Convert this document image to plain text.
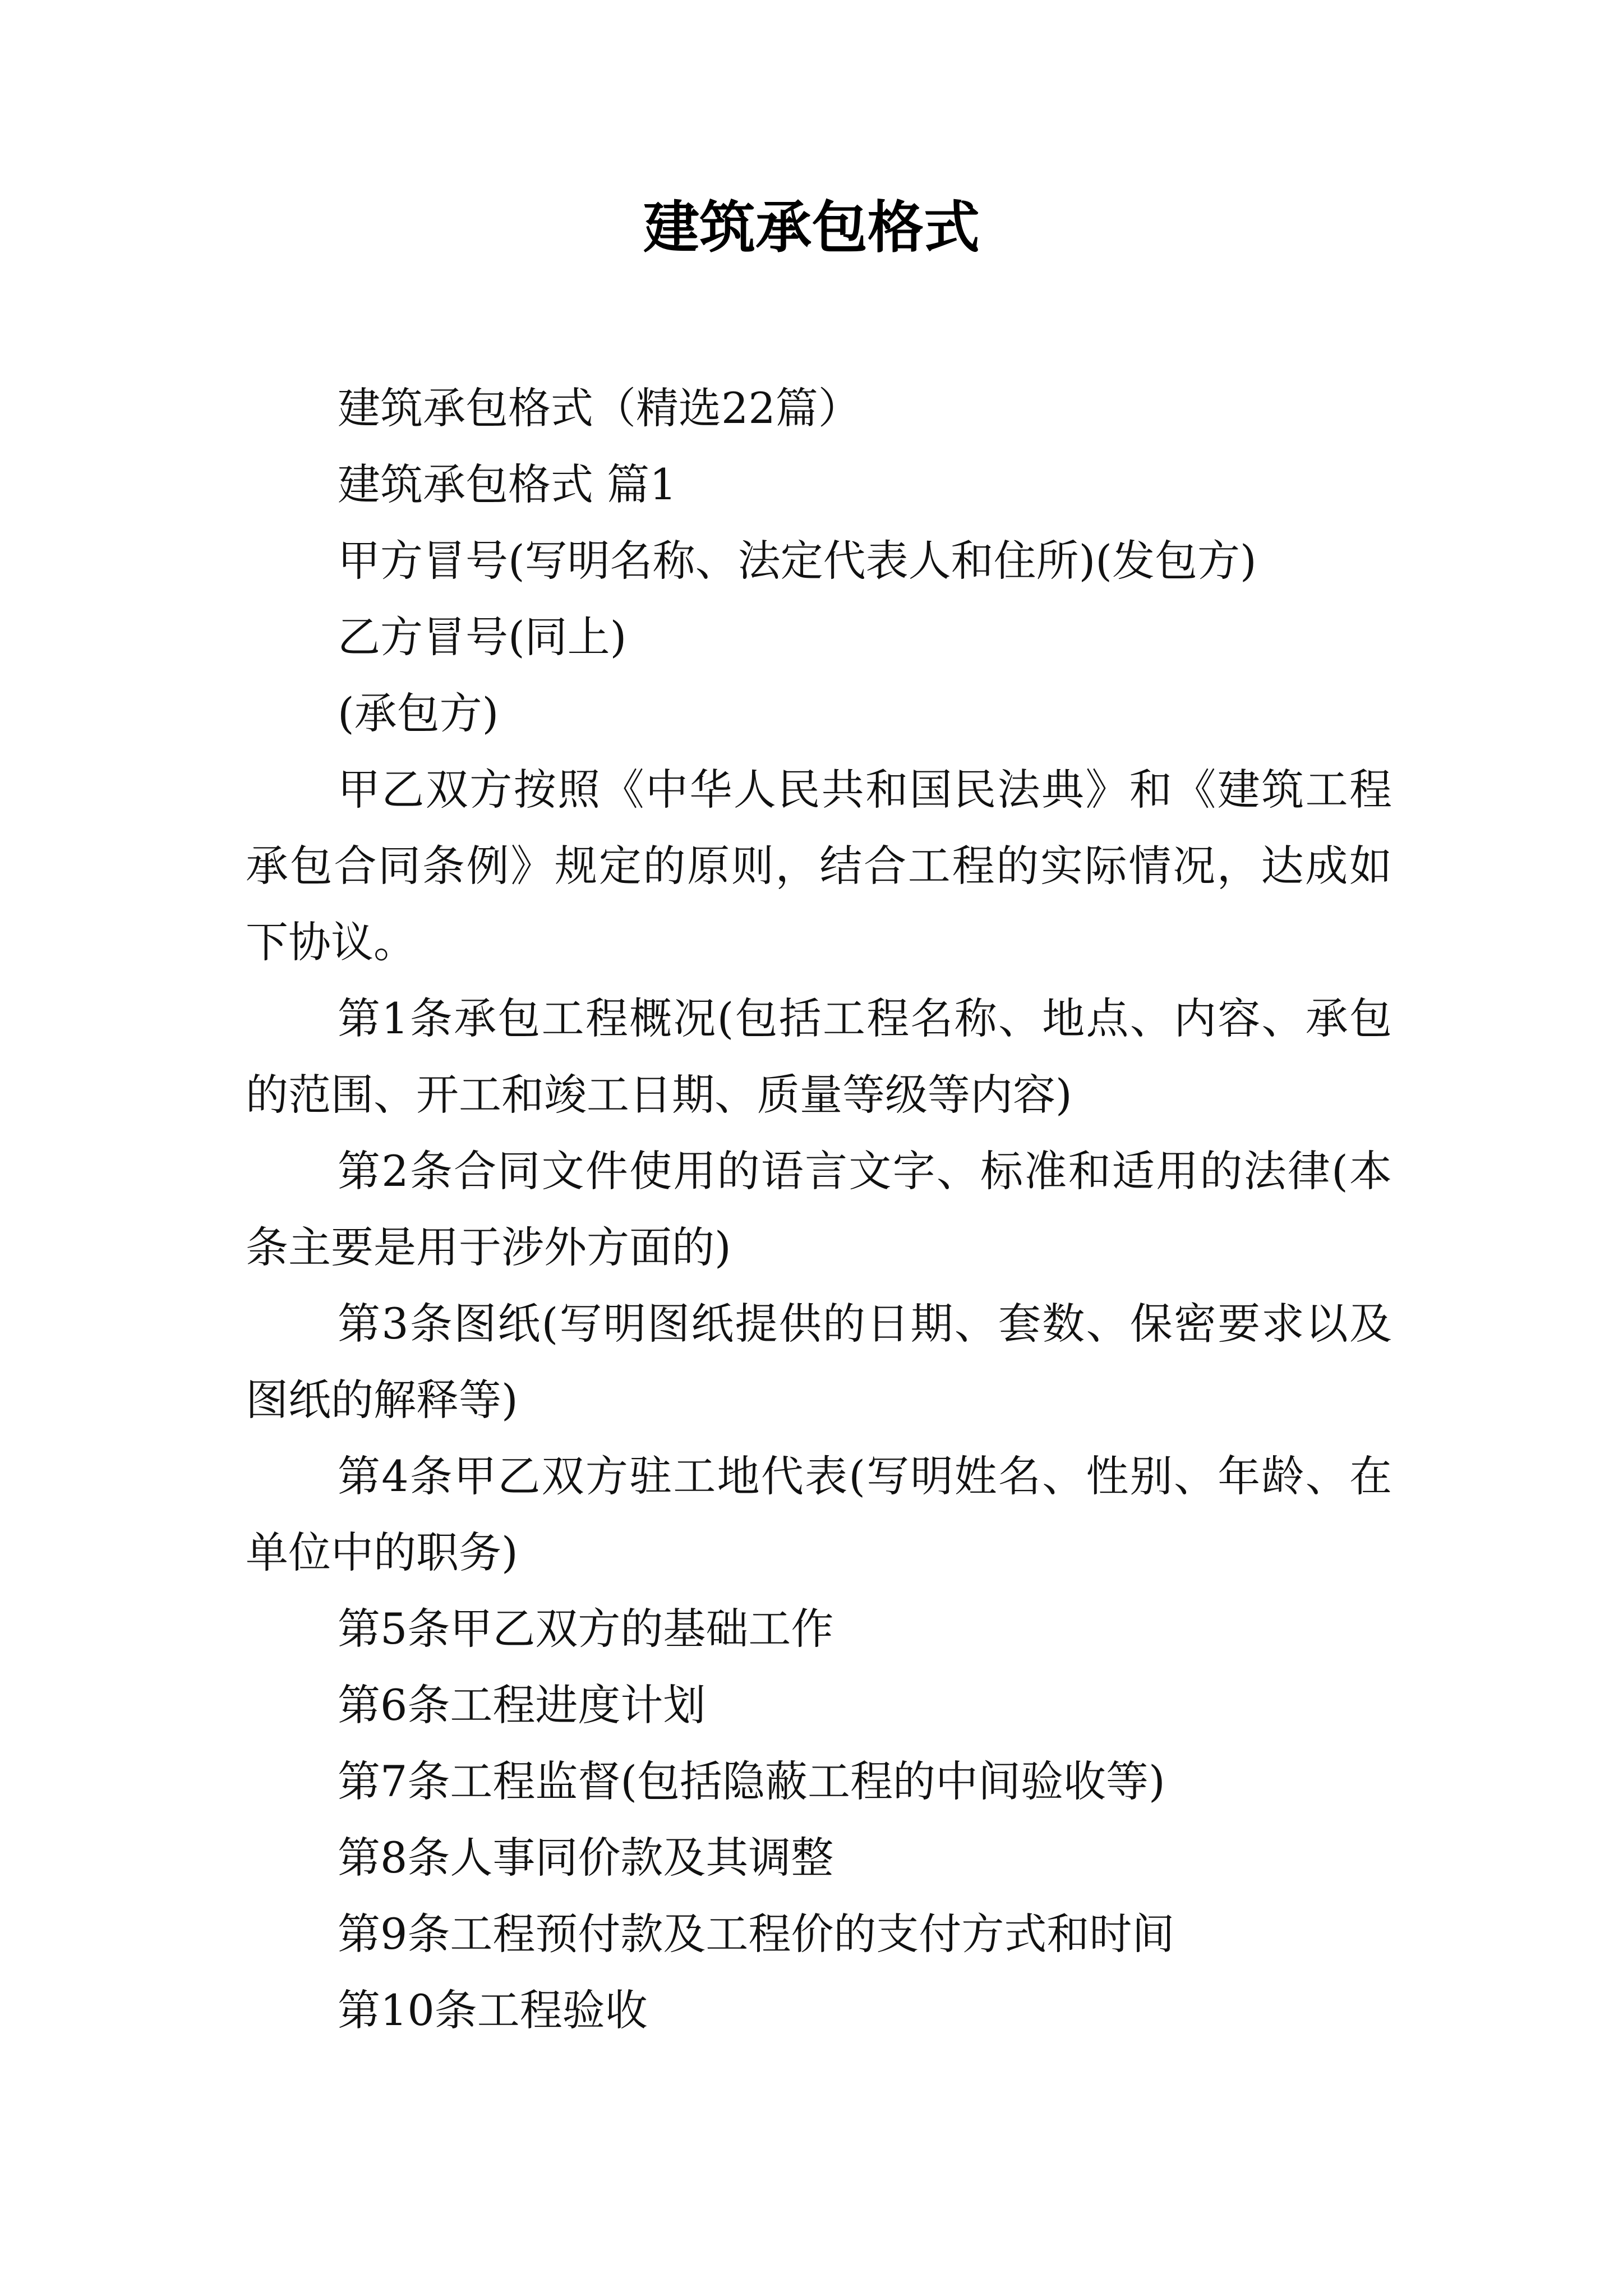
建筑承包格式

建筑承包格式（精选22篇）

建筑承包格式 篇1

甲方冒号(写明名称、法定代表人和住所)(发包方)

乙方冒号(同上)

(承包方)

甲乙双方按照《中华人民共和国民法典》和《建筑工程承包合同条例》规定的原则，结合工程的实际情况，达成如下协议。

第1条承包工程概况(包括工程名称、地点、内容、承包的范围、开工和竣工日期、质量等级等内容)

第2条合同文件使用的语言文字、标准和适用的法律(本条主要是用于涉外方面的)

第3条图纸(写明图纸提供的日期、套数、保密要求以及图纸的解释等)

第4条甲乙双方驻工地代表(写明姓名、性别、年龄、在单位中的职务)

第5条甲乙双方的基础工作

第6条工程进度计划

第7条工程监督(包括隐蔽工程的中间验收等)

第8条人事同价款及其调整

第9条工程预付款及工程价的支付方式和时间

第10条工程验收
